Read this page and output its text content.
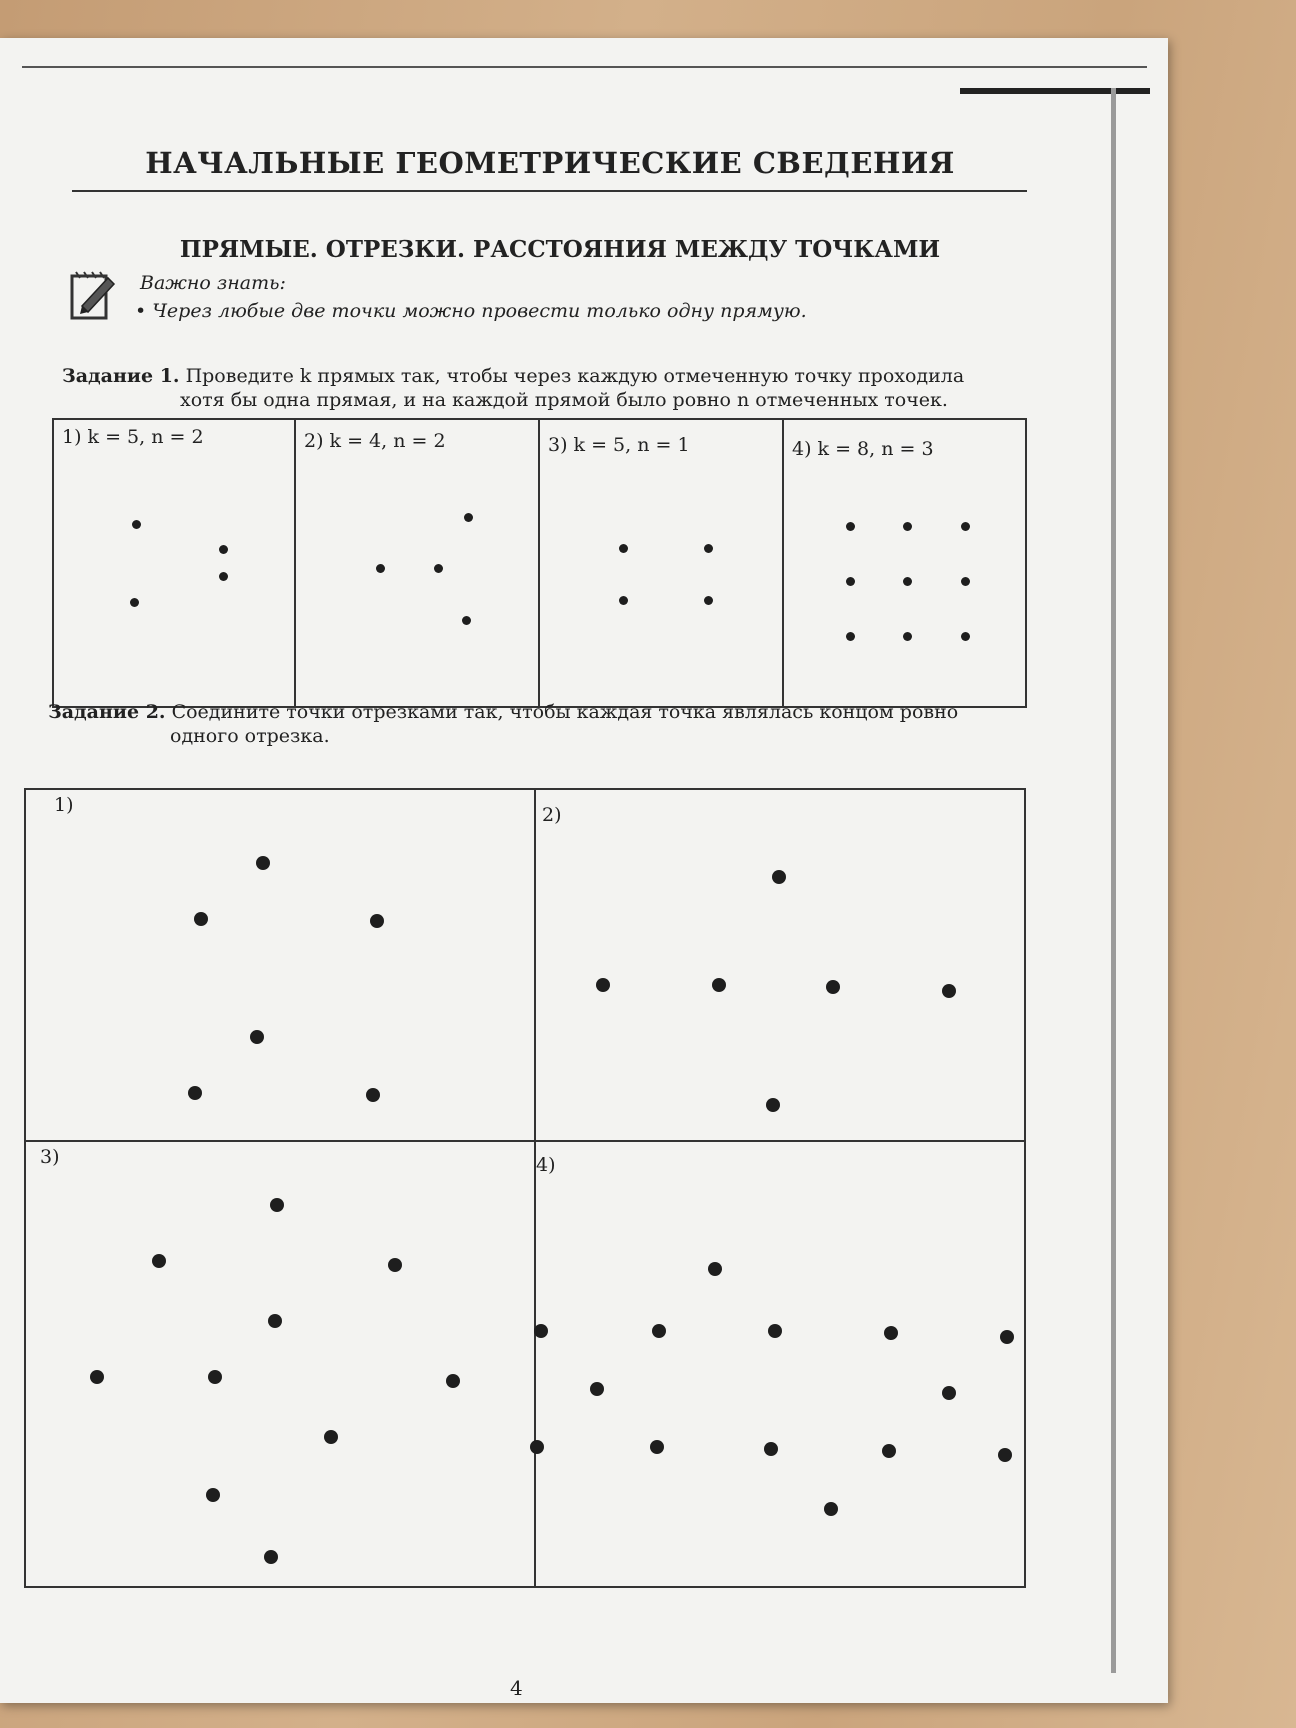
НАЧАЛЬНЫЕ ГЕОМЕТРИЧЕСКИЕ СВЕДЕНИЯ
ПРЯМЫЕ. ОТРЕЗКИ. РАССТОЯНИЯ МЕЖДУ ТОЧКАМИ
Важно знать:
• Через любые две точки можно провести только одну прямую.
Задание 1. Проведите k прямых так, чтобы через каждую отмеченную точку проходила
хотя бы одна прямая, и на каждой прямой было ровно n отмеченных точек.
1) k = 5, n = 2	2) k = 4, n = 2	3) k = 5, n = 1	4) k = 8, n = 3
Задание 2. Соедините точки отрезками так, чтобы каждая точка являлась концом ровно
одного отрезка.
1)	2)
3)	4)
4
